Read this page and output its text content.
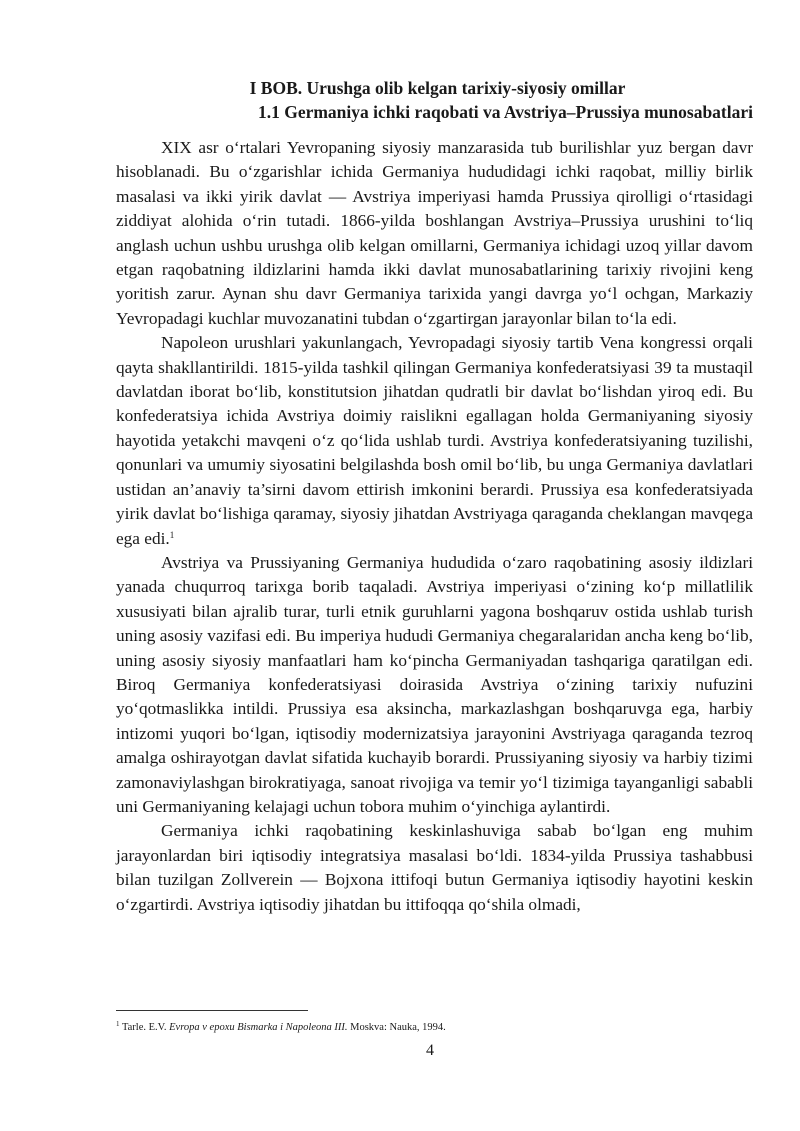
I BOB. Urushga olib kelgan tarixiy-siyosiy omillar

1.1 Germaniya ichki raqobati va Avstriya–Prussiya munosabatlari

XIX asr oʻrtalari Yevropaning siyosiy manzarasida tub burilishlar yuz bergan davr hisoblanadi. Bu oʻzgarishlar ichida Germaniya hududidagi ichki raqobat, milliy birlik masalasi va ikki yirik davlat — Avstriya imperiyasi hamda Prussiya qirolligi oʻrtasidagi ziddiyat alohida oʻrin tutadi. 1866-yilda boshlangan Avstriya–Prussiya urushini toʻliq anglash uchun ushbu urushga olib kelgan omillarni, Germaniya ichidagi uzoq yillar davom etgan raqobatning ildizlarini hamda ikki davlat munosabatlarining tarixiy rivojini keng yoritish zarur. Aynan shu davr Germaniya tarixida yangi davrga yoʻl ochgan, Markaziy Yevropadagi kuchlar muvozanatini tubdan oʻzgartirgan jarayonlar bilan toʻla edi.

Napoleon urushlari yakunlangach, Yevropadagi siyosiy tartib Vena kongressi orqali qayta shakllantirildi. 1815-yilda tashkil qilingan Germaniya konfederatsiyasi 39 ta mustaqil davlatdan iborat boʻlib, konstitutsion jihatdan qudratli bir davlat boʻlishdan yiroq edi. Bu konfederatsiya ichida Avstriya doimiy raislikni egallagan holda Germaniyaning siyosiy hayotida yetakchi mavqeni oʻz qoʻlida ushlab turdi. Avstriya konfederatsiyaning tuzilishi, qonunlari va umumiy siyosatini belgilashda bosh omil boʻlib, bu unga Germaniya davlatlari ustidan an’anaviy ta’sirni davom ettirish imkonini berardi. Prussiya esa konfederatsiyada yirik davlat boʻlishiga qaramay, siyosiy jihatdan Avstriyaga qaraganda cheklangan mavqega ega edi.$^1$

Avstriya va Prussiyaning Germaniya hududida oʻzaro raqobatining asosiy ildizlari yanada chuqurroq tarixga borib taqaladi. Avstriya imperiyasi oʻzining koʻp millatlilik xususiyati bilan ajralib turar, turli etnik guruhlarni yagona boshqaruv ostida ushlab turish uning asosiy vazifasi edi. Bu imperiya hududi Germaniya chegaralaridan ancha keng boʻlib, uning asosiy siyosiy manfaatlari ham koʻpincha Germaniyadan tashqariga qaratilgan edi. Biroq Germaniya konfederatsiyasi doirasida Avstriya oʻzining tarixiy nufuzini yoʻqotmaslikka intildi. Prussiya esa aksincha, markazlashgan boshqaruvga ega, harbiy intizomi yuqori boʻlgan, iqtisodiy modernizatsiya jarayonini Avstriyaga qaraganda tezroq amalga oshirayotgan davlat sifatida kuchayib borardi. Prussiyaning siyosiy va harbiy tizimi zamonaviylashgan birokratiyaga, sanoat rivojiga va temir yoʻl tizimiga tayanganligi sababli uni Germaniyaning kelajagi uchun tobora muhim oʻyinchiga aylantirdi.

Germaniya ichki raqobatining keskinlashuviga sabab boʻlgan eng muhim jarayonlardan biri iqtisodiy integratsiya masalasi boʻldi. 1834-yilda Prussiya tashabbusi bilan tuzilgan Zollverein — Bojxona ittifoqi butun Germaniya iqtisodiy hayotini keskin oʻzgartirdi. Avstriya iqtisodiy jihatdan bu ittifoqqa qoʻshila olmadi,

$^1$ Tarle. E.V. Evropa v epoxu Bismarka i Napoleona III. Moskva: Nauka, 1994.
4
